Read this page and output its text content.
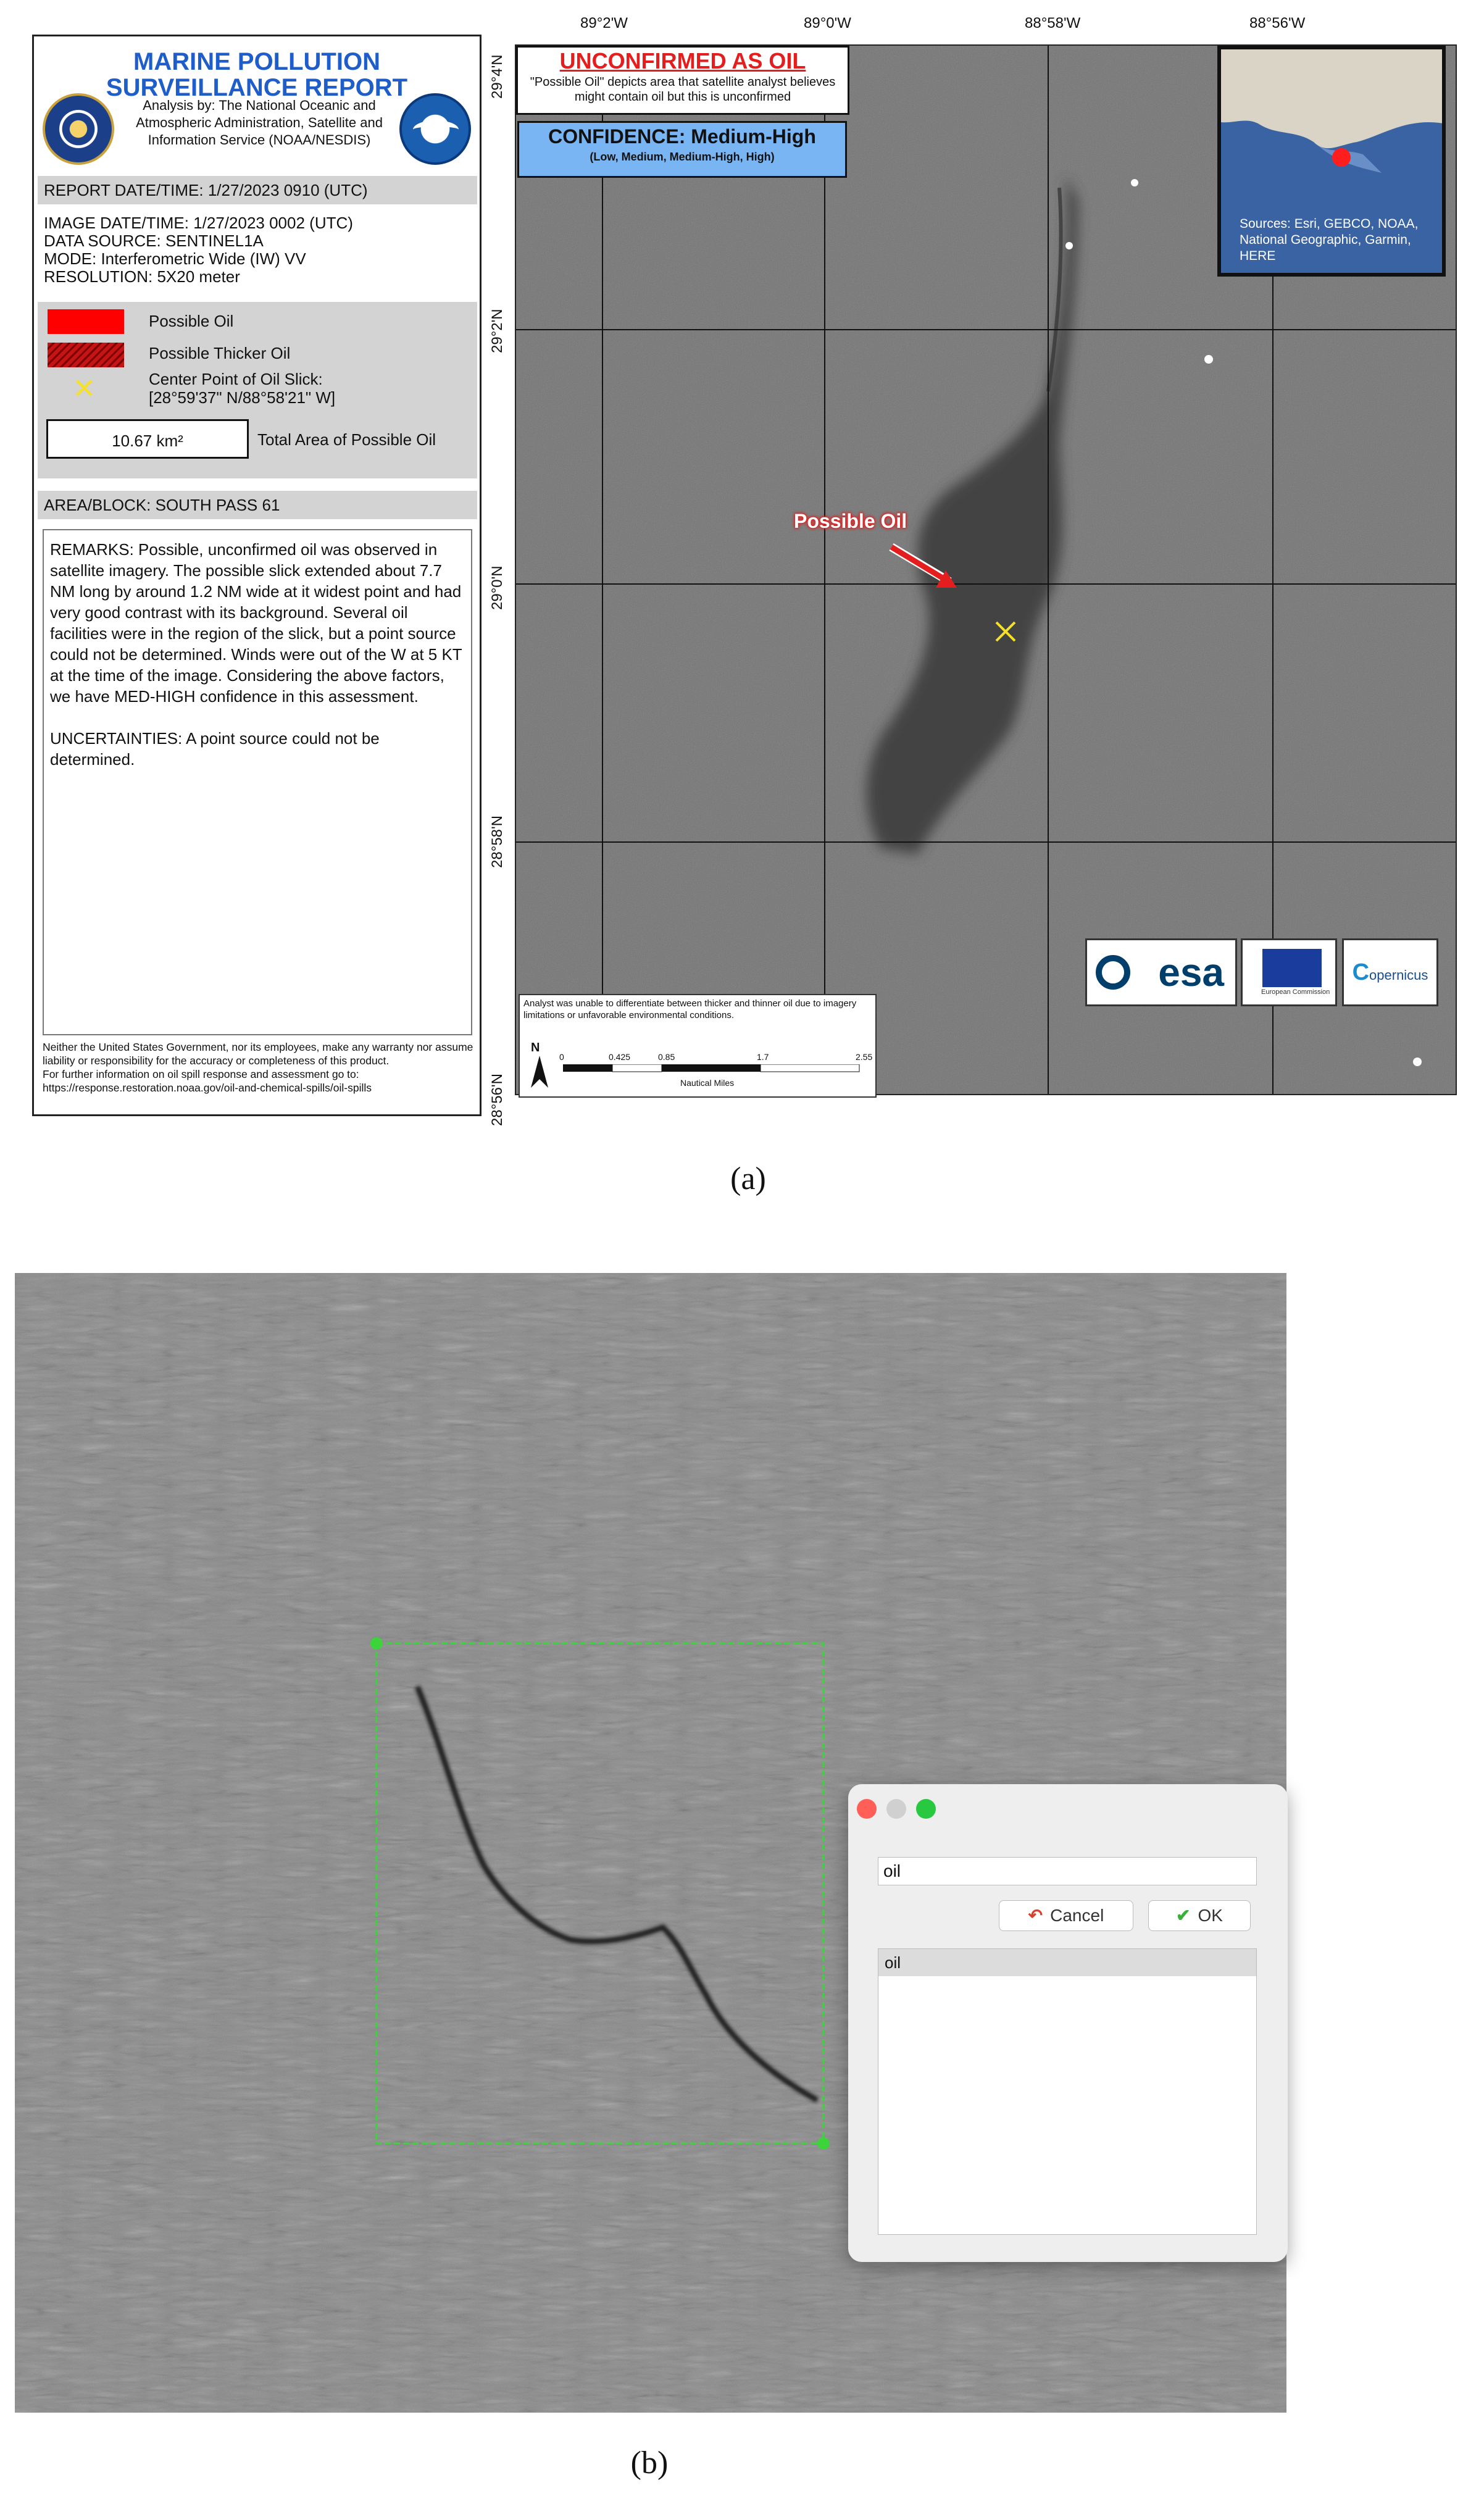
MARINE POLLUTION
SURVEILLANCE REPORT
Analysis by: The National Oceanic and Atmospheric Administration, Satellite and Information Service (NOAA/NESDIS)
REPORT DATE/TIME: 1/27/2023 0910 (UTC)
IMAGE DATE/TIME: 1/27/2023 0002 (UTC)
DATA SOURCE: SENTINEL1A
MODE: Interferometric Wide (IW) VV
RESOLUTION: 5X20 meter
Possible Oil
Possible Thicker Oil
✕	Center Point of Oil Slick:
[28°59'37" N/88°58'21" W]
10.67 km²	Total Area of Possible Oil
AREA/BLOCK: SOUTH PASS 61

REMARKS: Possible, unconfirmed oil was observed in satellite imagery. The possible slick extended about 7.7 NM long by around 1.2 NM wide at it widest point and had very good contrast with its background. Several oil facilities were in the region of the slick, but a point source could not be determined. Winds were out of the W at 5 KT at the time of the image. Considering the above factors, we have MED-HIGH confidence in this assessment.

UNCERTAINTIES: A point source could not be determined.

Neither the United States Government, nor its employees, make any warranty nor assume liability or responsibility for the accuracy or completeness of this product.
For further information on oil spill response and assessment go to: https://response.restoration.noaa.gov/oil-and-chemical-spills/oil-spills
89°2'W	89°0'W	88°58'W	88°56'W
29°4'N
29°2'N
29°0'N
28°58'N
28°56'N
UNCONFIRMED AS OIL
"Possible Oil" depicts area that satellite analyst believes might contain oil but this is unconfirmed
CONFIDENCE: Medium-High
(Low, Medium, Medium-High, High)
Sources: Esri, GEBCO, NOAA, National Geographic, Garmin, HERE
Possible Oil
esa	European Commission
Copernicus
Analyst was unable to differentiate between thicker and thinner oil due to imagery limitations or unfavorable environmental conditions.
N
0	0.425	0.85	1.7	2.55
Nautical Miles
(a)
oil
↶ Cancel	✔ OK
oil
(b)
